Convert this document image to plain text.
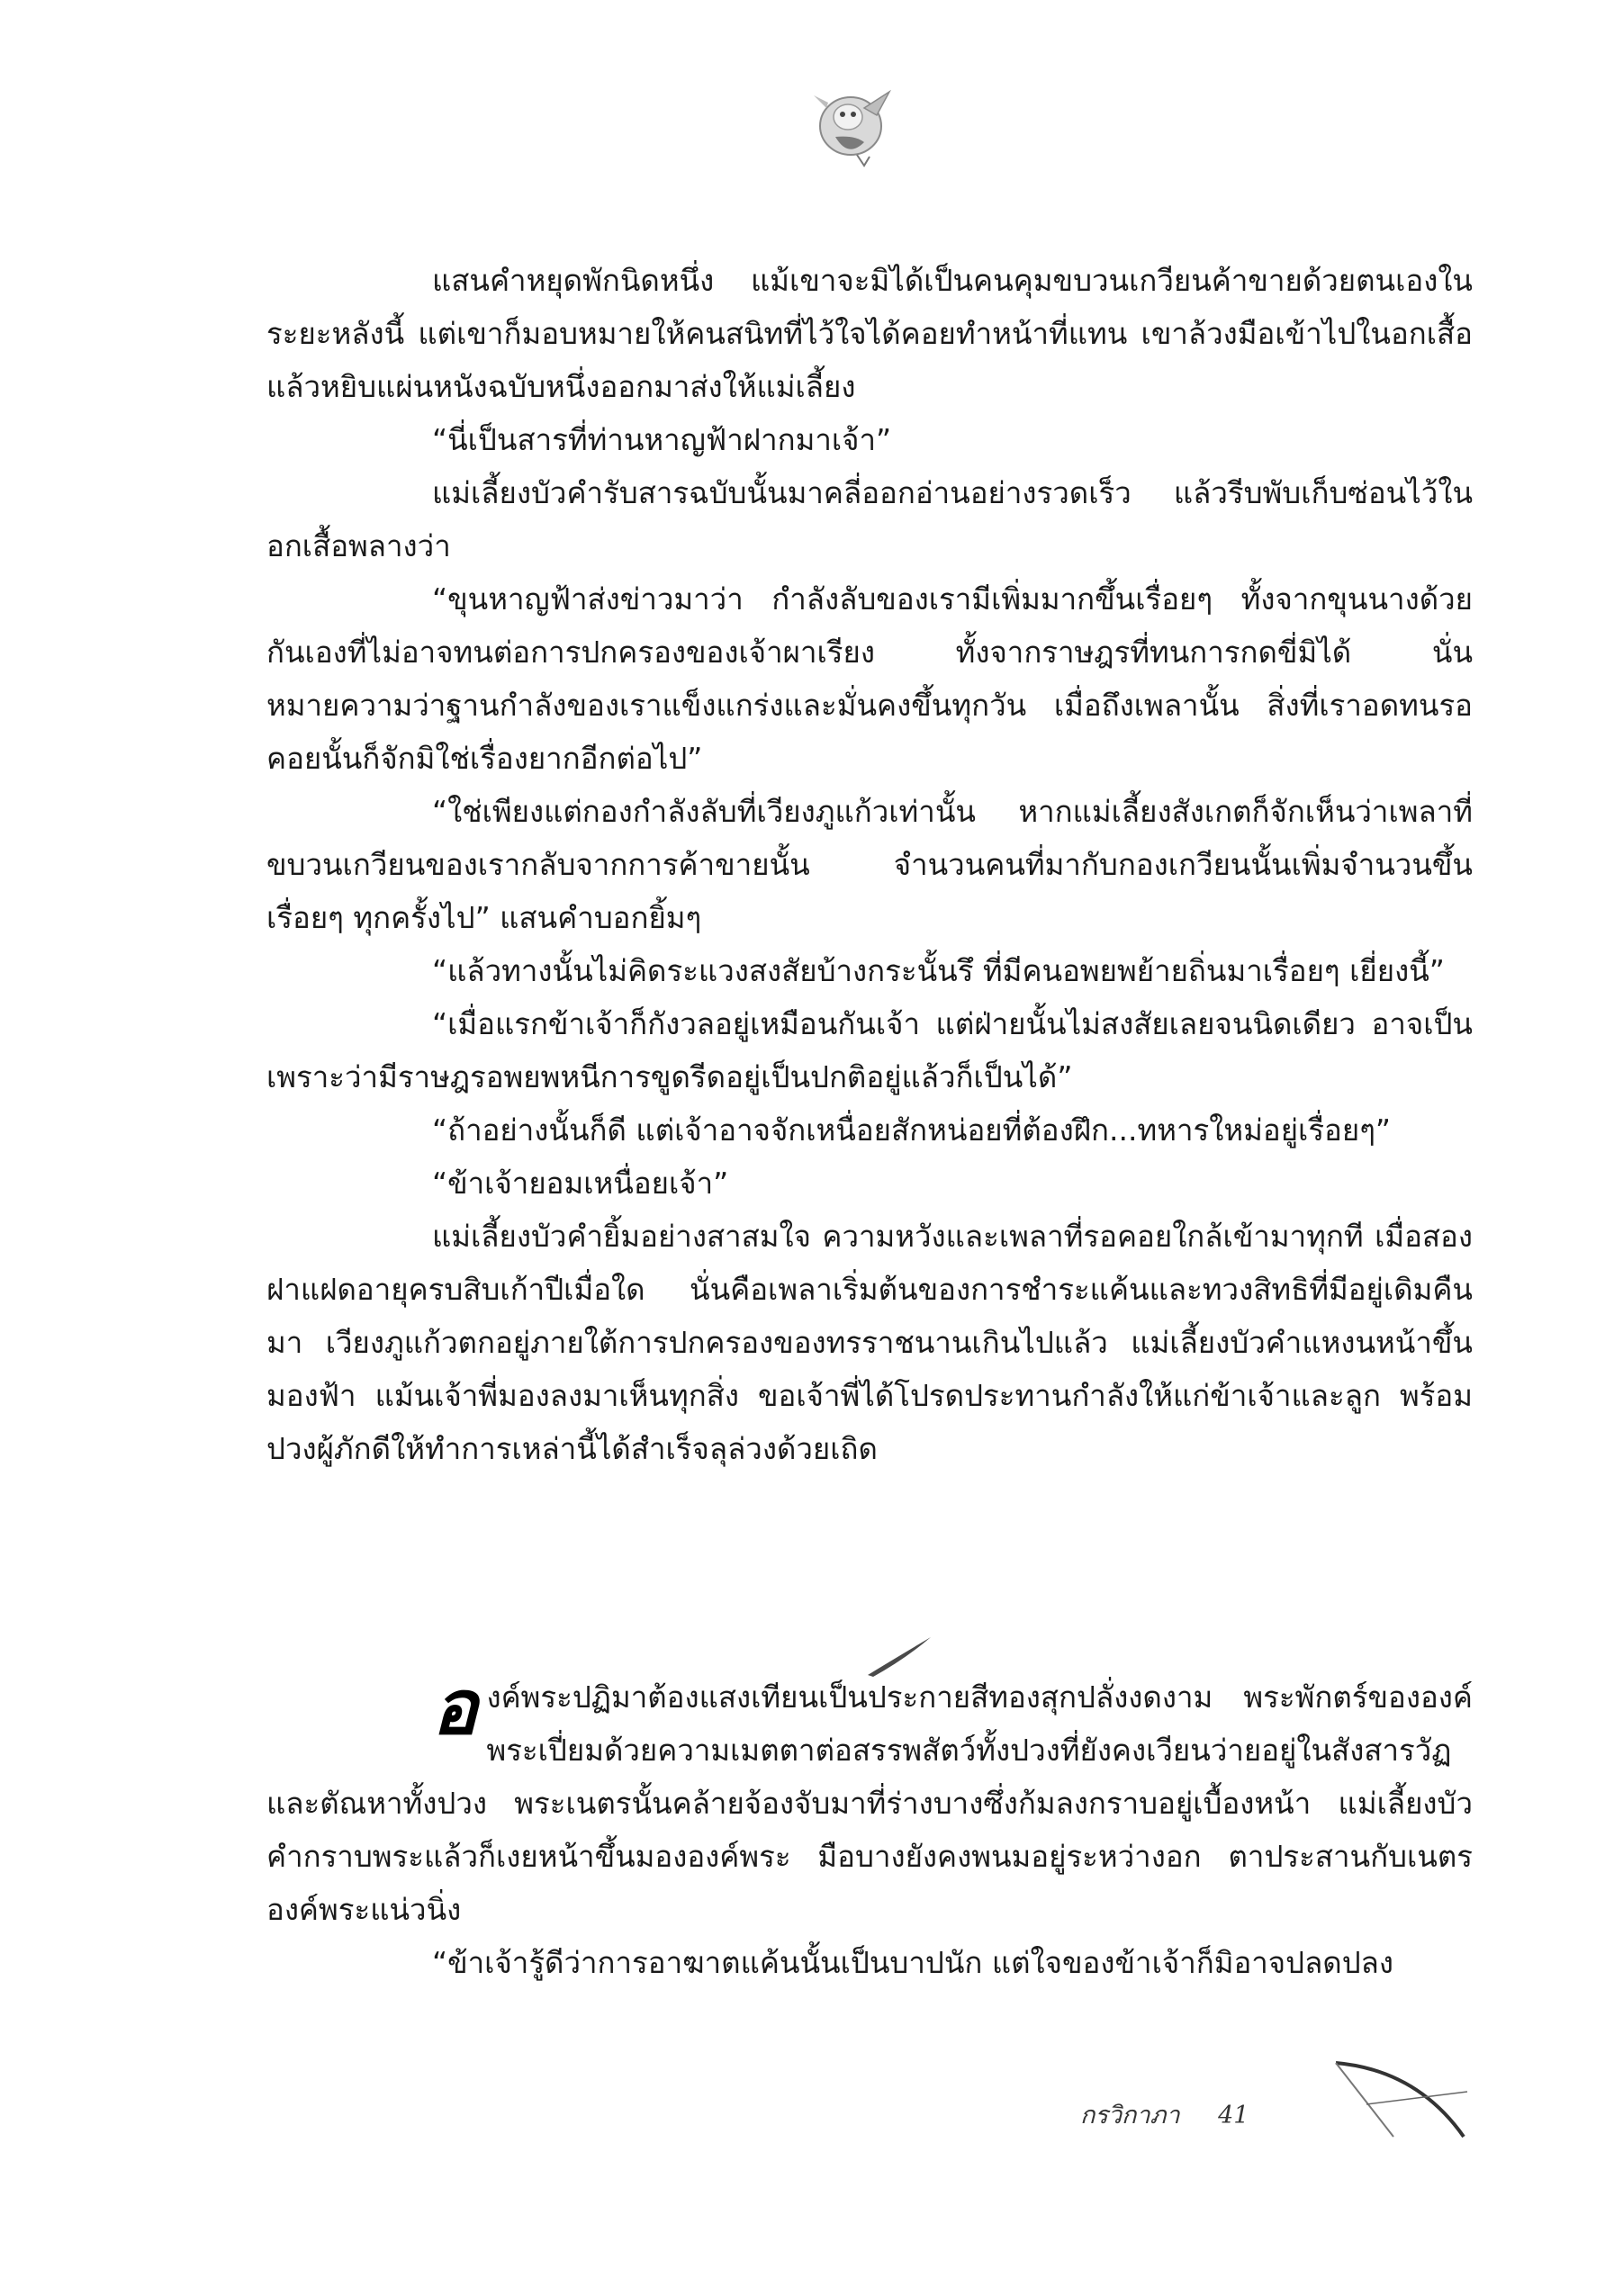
แสนคำหยุดพักนิดหนึ่ง แม้เขาจะมิได้เป็นคนคุมขบวนเกวียนค้าขายด้วยตนเองในระยะหลังนี้ แต่เขาก็มอบหมายให้คนสนิทที่ไว้ใจได้คอยทำหน้าที่แทน เขาล้วงมือเข้าไปในอกเสื้อ แล้วหยิบแผ่นหนังฉบับหนึ่งออกมาส่งให้แม่เลี้ยง

“นี่เป็นสารที่ท่านหาญฟ้าฝากมาเจ้า”

แม่เลี้ยงบัวคำรับสารฉบับนั้นมาคลี่ออกอ่านอย่างรวดเร็ว แล้วรีบพับเก็บซ่อนไว้ในอกเสื้อพลางว่า

“ขุนหาญฟ้าส่งข่าวมาว่า กำลังลับของเรามีเพิ่มมากขึ้นเรื่อยๆ ทั้งจากขุนนางด้วยกันเองที่ไม่อาจทนต่อการปกครองของเจ้าผาเรียง ทั้งจากราษฎรที่ทนการกดขี่มิได้ นั่นหมายความว่าฐานกำลังของเราแข็งแกร่งและมั่นคงขึ้นทุกวัน เมื่อถึงเพลานั้น สิ่งที่เราอดทนรอคอยนั้นก็จักมิใช่เรื่องยากอีกต่อไป”

“ใช่เพียงแต่กองกำลังลับที่เวียงภูแก้วเท่านั้น หากแม่เลี้ยงสังเกตก็จักเห็นว่าเพลาที่ขบวนเกวียนของเรากลับจากการค้าขายนั้น จำนวนคนที่มากับกองเกวียนนั้นเพิ่มจำนวนขึ้นเรื่อยๆ ทุกครั้งไป” แสนคำบอกยิ้มๆ

“แล้วทางนั้นไม่คิดระแวงสงสัยบ้างกระนั้นรึ ที่มีคนอพยพย้ายถิ่นมาเรื่อยๆ เยี่ยงนี้”

“เมื่อแรกข้าเจ้าก็กังวลอยู่เหมือนกันเจ้า แต่ฝ่ายนั้นไม่สงสัยเลยจนนิดเดียว อาจเป็นเพราะว่ามีราษฎรอพยพหนีการขูดรีดอยู่เป็นปกติอยู่แล้วก็เป็นได้”

“ถ้าอย่างนั้นก็ดี แต่เจ้าอาจจักเหนื่อยสักหน่อยที่ต้องฝึก...ทหารใหม่อยู่เรื่อยๆ”

“ข้าเจ้ายอมเหนื่อยเจ้า”

แม่เลี้ยงบัวคำยิ้มอย่างสาสมใจ ความหวังและเพลาที่รอคอยใกล้เข้ามาทุกที เมื่อสองฝาแฝดอายุครบสิบเก้าปีเมื่อใด นั่นคือเพลาเริ่มต้นของการชำระแค้นและทวงสิทธิที่มีอยู่เดิมคืนมา เวียงภูแก้วตกอยู่ภายใต้การปกครองของทรราชนานเกินไปแล้ว แม่เลี้ยงบัวคำแหงนหน้าขึ้นมองฟ้า แม้นเจ้าพี่มองลงมาเห็นทุกสิ่ง ขอเจ้าพี่ได้โปรดประทานกำลังให้แก่ข้าเจ้าและลูก พร้อมปวงผู้ภักดีให้ทำการเหล่านี้ได้สำเร็จลุล่วงด้วยเถิด

องค์พระปฏิมาต้องแสงเทียนเป็นประกายสีทองสุกปลั่งงดงาม พระพักตร์ขององค์พระเปี่ยมด้วยความเมตตาต่อสรรพสัตว์ทั้งปวงที่ยังคงเวียนว่ายอยู่ในสังสารวัฏและตัณหาทั้งปวง พระเนตรนั้นคล้ายจ้องจับมาที่ร่างบางซึ่งก้มลงกราบอยู่เบื้องหน้า แม่เลี้ยงบัวคำกราบพระแล้วก็เงยหน้าขึ้นมององค์พระ มือบางยังคงพนมอยู่ระหว่างอก ตาประสานกับเนตรองค์พระแน่วนิ่ง

“ข้าเจ้ารู้ดีว่าการอาฆาตแค้นนั้นเป็นบาปนัก แต่ใจของข้าเจ้าก็มิอาจปลดปลง

กรวิกาภา 41
